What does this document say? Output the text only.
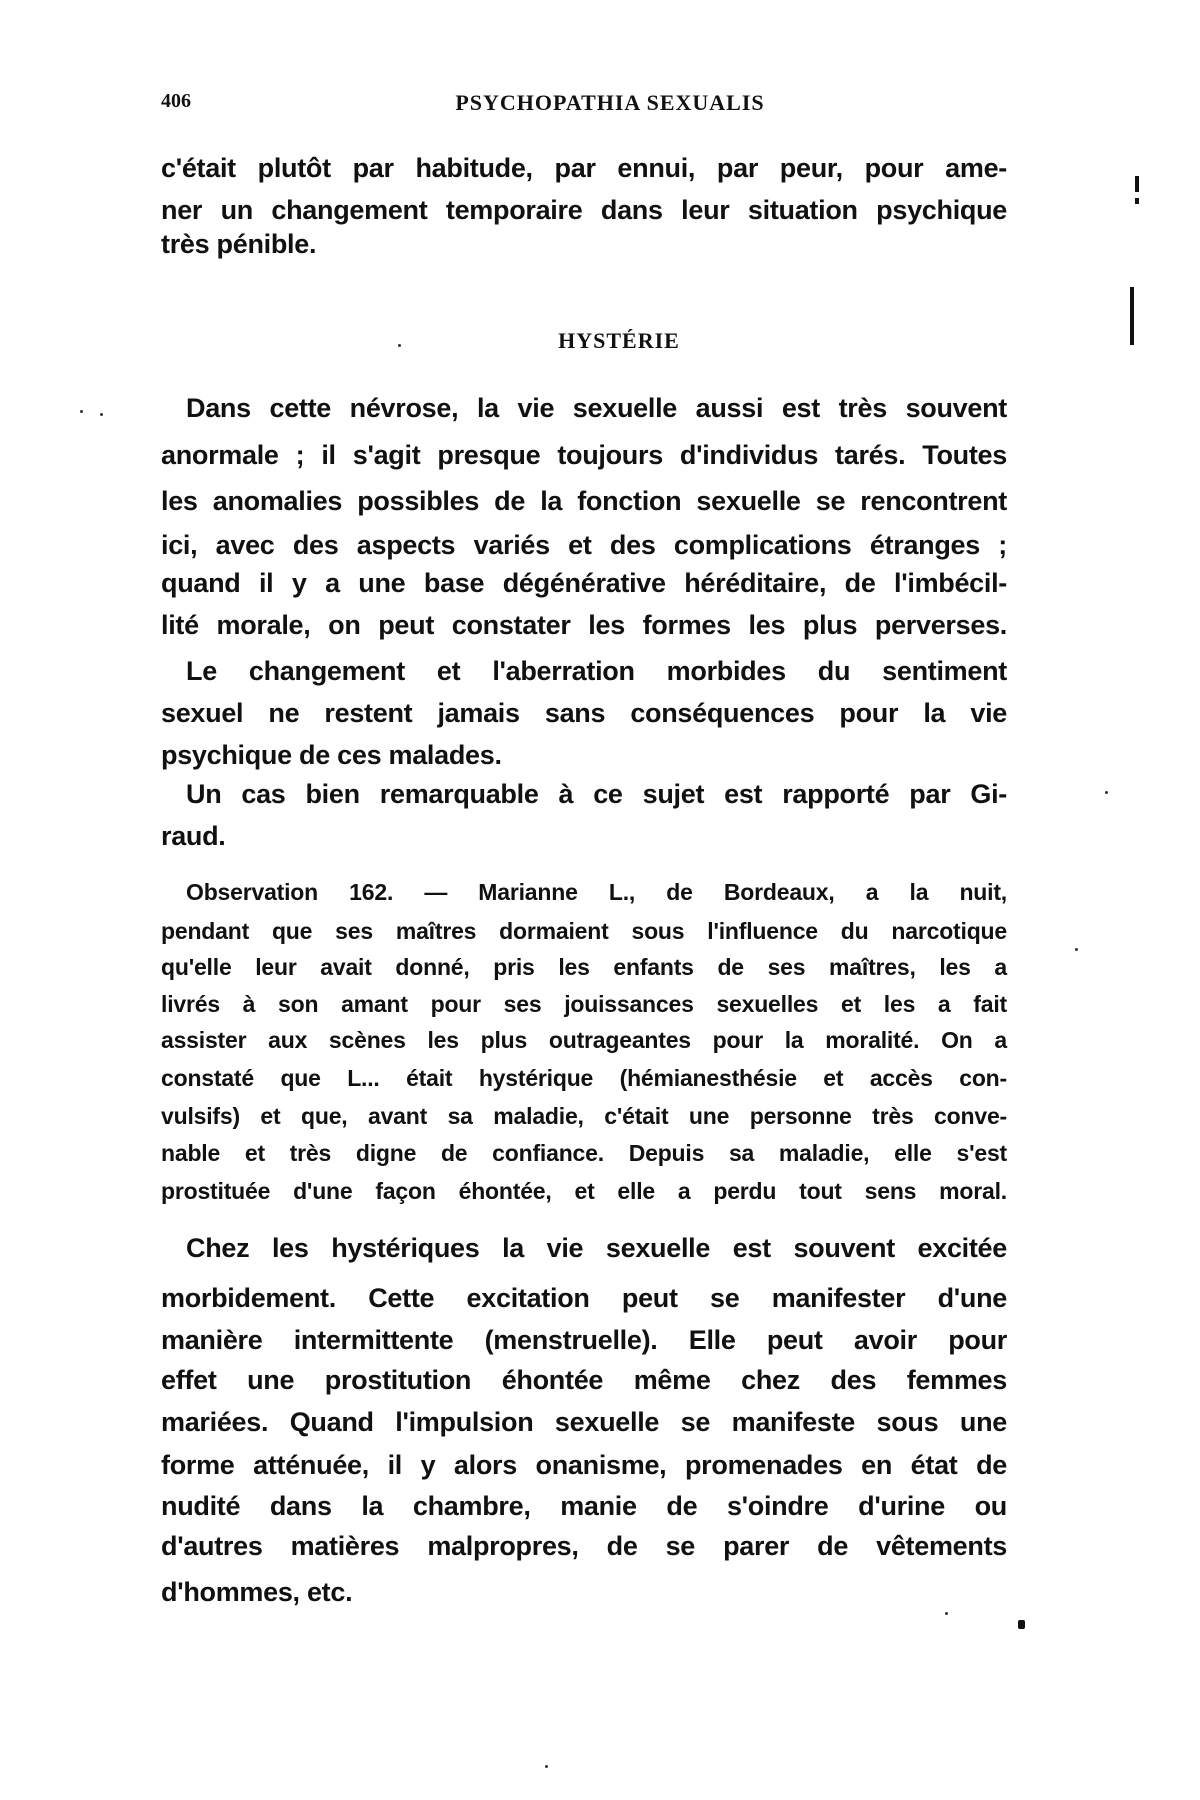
406	PSYCHOPATHIA SEXUALIS
c'était plutôt par habitude, par ennui, par peur, pour ame-
ner un changement temporaire dans leur situation psychique
très pénible.
HYSTÉRIE
Dans cette névrose, la vie sexuelle aussi est très souvent
anormale ; il s'agit presque toujours d'individus tarés. Toutes
les anomalies possibles de la fonction sexuelle se rencontrent
ici, avec des aspects variés et des complications étranges ;
quand il y a une base dégénérative héréditaire, de l'imbécil-
lité morale, on peut constater les formes les plus perverses.
Le changement et l'aberration morbides du sentiment
sexuel ne restent jamais sans conséquences pour la vie
psychique de ces malades.
Un cas bien remarquable à ce sujet est rapporté par Gi-
raud.
Observation 162. — Marianne L., de Bordeaux, a la nuit,
pendant que ses maîtres dormaient sous l'influence du narcotique
qu'elle leur avait donné, pris les enfants de ses maîtres, les a
livrés à son amant pour ses jouissances sexuelles et les a fait
assister aux scènes les plus outrageantes pour la moralité. On a
constaté que L... était hystérique (hémianesthésie et accès con-
vulsifs) et que, avant sa maladie, c'était une personne très conve-
nable et très digne de confiance. Depuis sa maladie, elle s'est
prostituée d'une façon éhontée, et elle a perdu tout sens moral.
Chez les hystériques la vie sexuelle est souvent excitée
morbidement. Cette excitation peut se manifester d'une
manière intermittente (menstruelle). Elle peut avoir pour
effet une prostitution éhontée même chez des femmes
mariées. Quand l'impulsion sexuelle se manifeste sous une
forme atténuée, il y alors onanisme, promenades en état de
nudité dans la chambre, manie de s'oindre d'urine ou
d'autres matières malpropres, de se parer de vêtements
d'hommes, etc.
